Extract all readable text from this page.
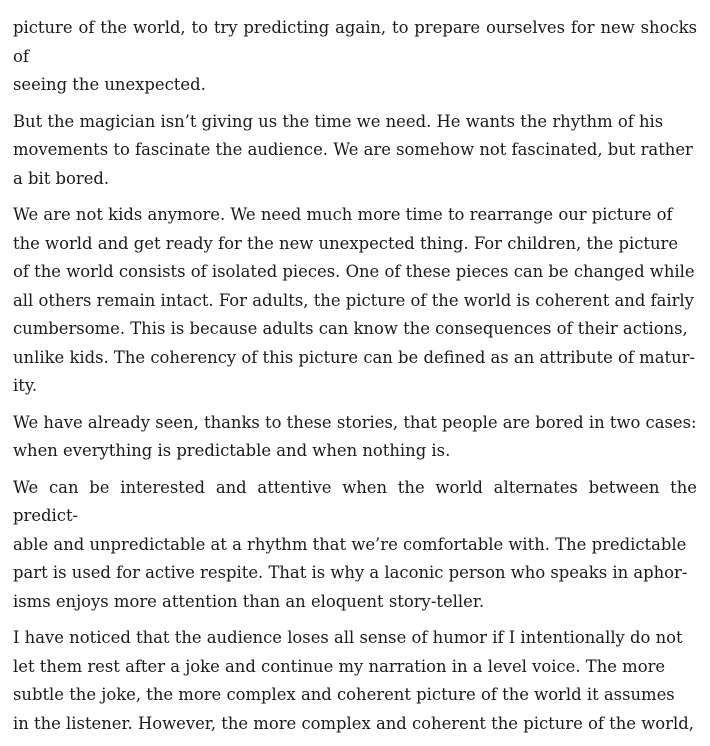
picture of the world, to try predicting again, to prepare ourselves for new shocks of
seeing the unexpected.

But the magician isn’t giving us the time we need. He wants the rhythm of his
movements to fascinate the audience. We are somehow not fascinated, but rather
a bit bored.

We are not kids anymore. We need much more time to rearrange our picture of
the world and get ready for the new unexpected thing. For children, the picture
of the world consists of isolated pieces. One of these pieces can be changed while
all others remain intact. For adults, the picture of the world is coherent and fairly
cumbersome. This is because adults can know the consequences of their actions,
unlike kids. The coherency of this picture can be defined as an attribute of matur-
ity.

We have already seen, thanks to these stories, that people are bored in two cases:
when everything is predictable and when nothing is.

We can be interested and attentive when the world alternates between the predict-
able and unpredictable at a rhythm that we’re comfortable with. The predictable
part is used for active respite. That is why a laconic person who speaks in aphor-
isms enjoys more attention than an eloquent story-teller.

I have noticed that the audience loses all sense of humor if I intentionally do not
let them rest after a joke and continue my narration in a level voice. The more
subtle the joke, the more complex and coherent picture of the world it assumes
in the listener. However, the more complex and coherent the picture of the world,
